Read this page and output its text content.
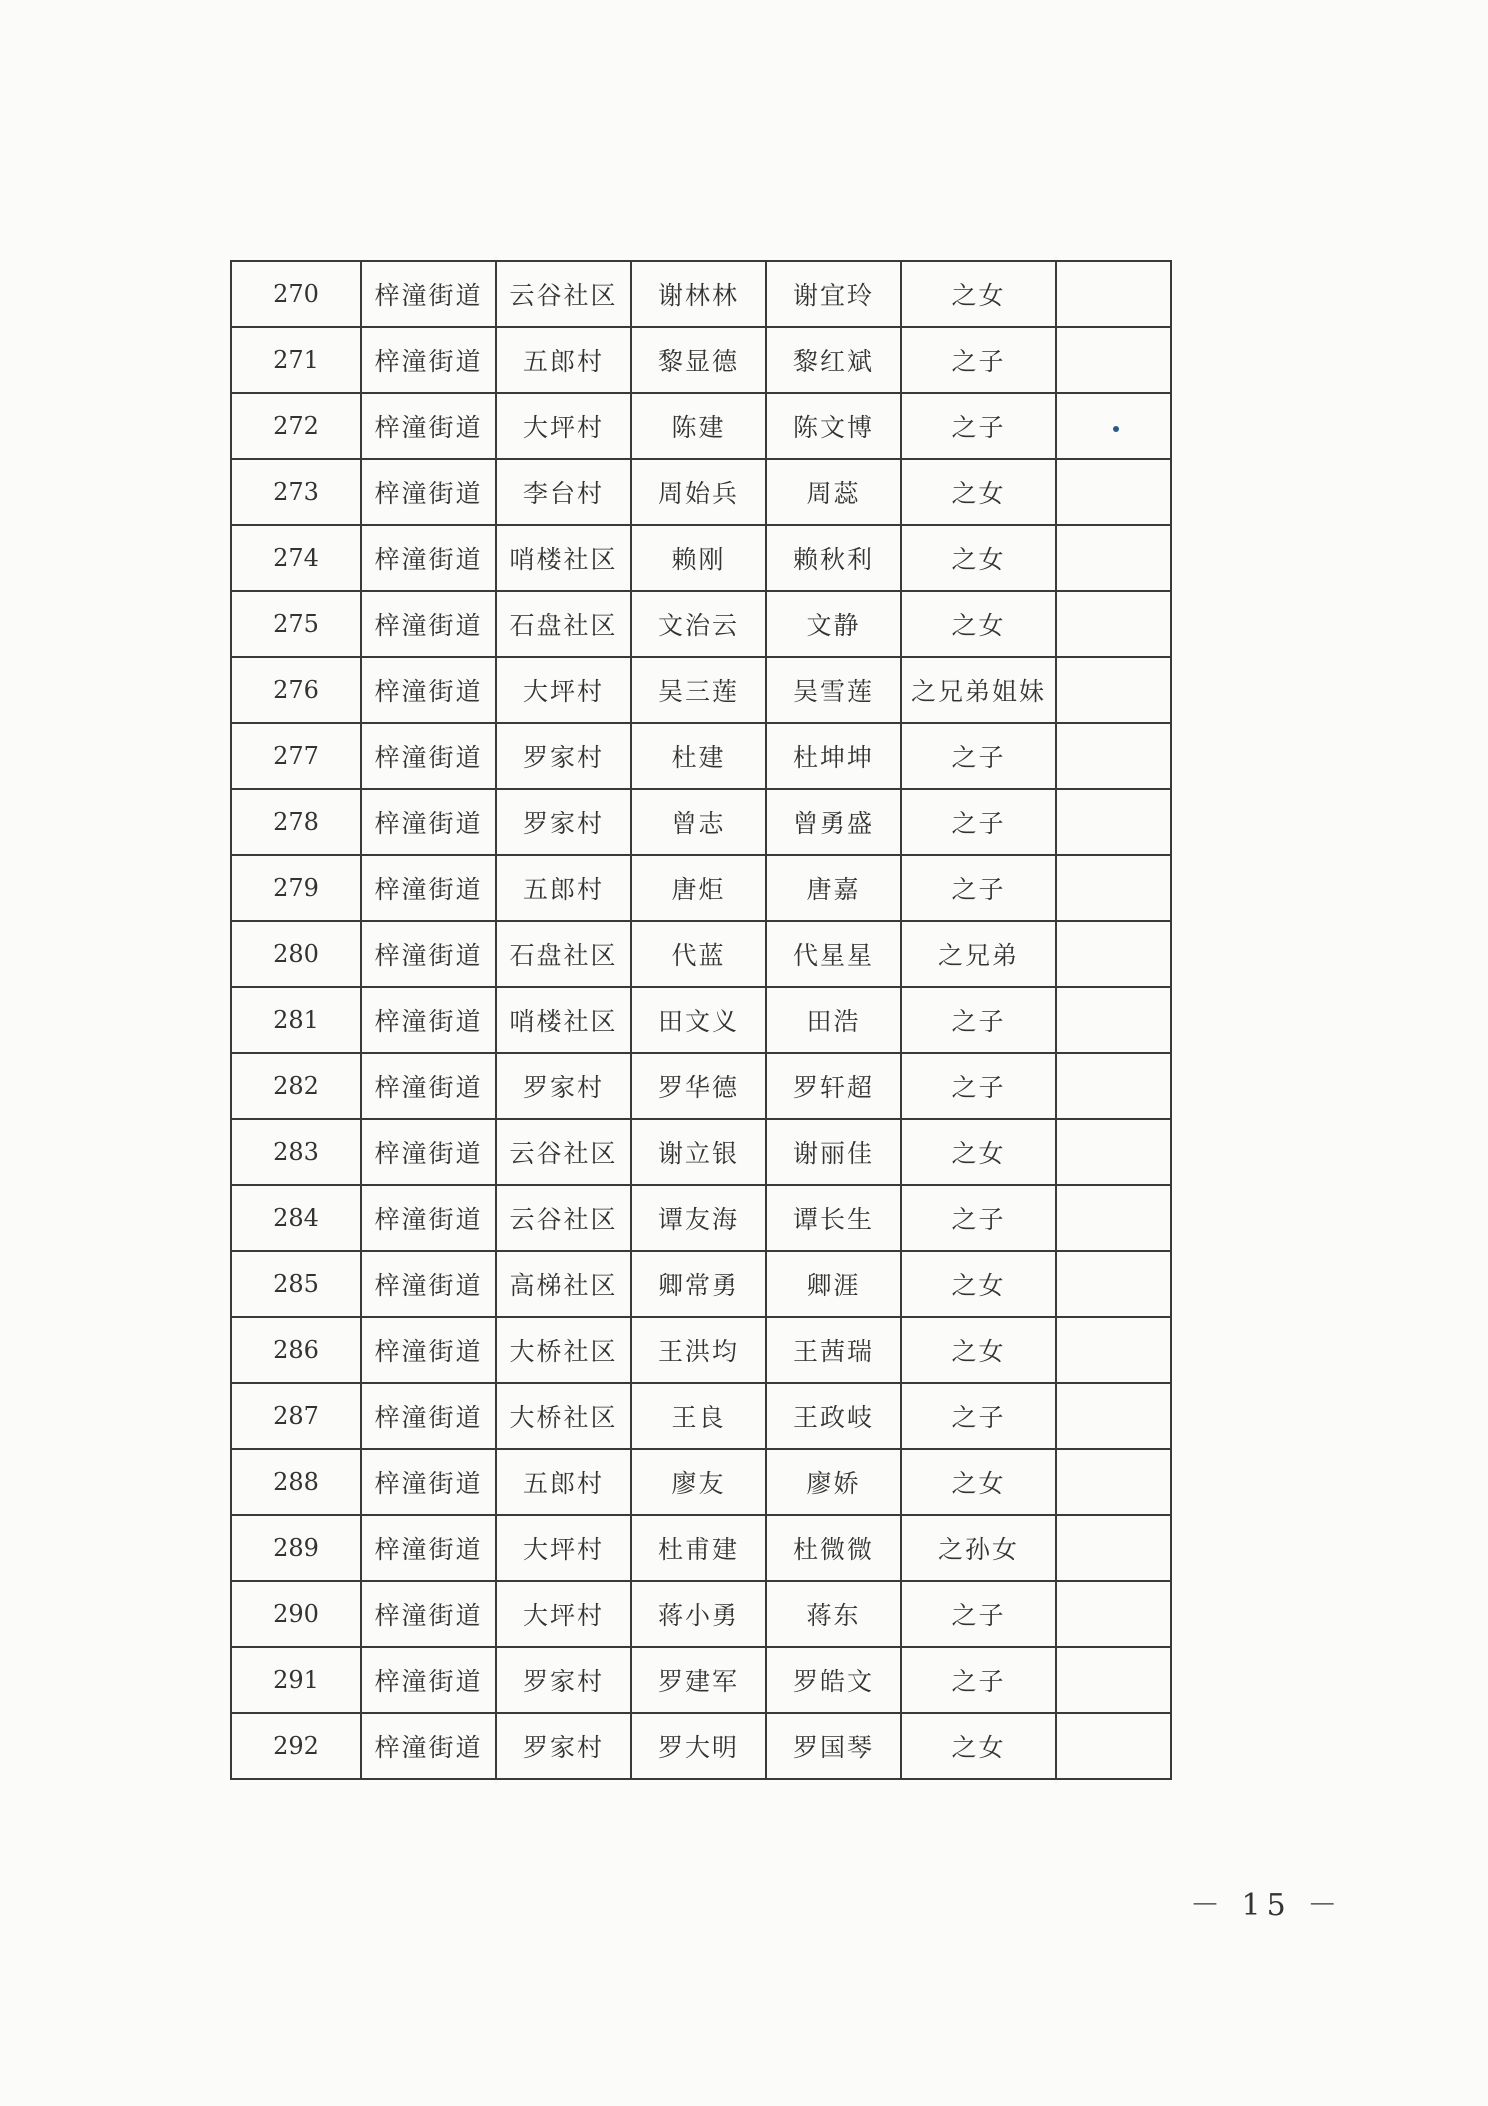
270	梓潼街道	云谷社区	谢林林	谢宜玲	之女	
271	梓潼街道	五郎村	黎显德	黎红斌	之子	
272	梓潼街道	大坪村	陈建	陈文博	之子	
273	梓潼街道	李台村	周始兵	周蕊	之女	
274	梓潼街道	哨楼社区	赖刚	赖秋利	之女	
275	梓潼街道	石盘社区	文治云	文静	之女	
276	梓潼街道	大坪村	吴三莲	吴雪莲	之兄弟姐妹	
277	梓潼街道	罗家村	杜建	杜坤坤	之子	
278	梓潼街道	罗家村	曾志	曾勇盛	之子	
279	梓潼街道	五郎村	唐炬	唐嘉	之子	
280	梓潼街道	石盘社区	代蓝	代星星	之兄弟	
281	梓潼街道	哨楼社区	田文义	田浩	之子	
282	梓潼街道	罗家村	罗华德	罗轩超	之子	
283	梓潼街道	云谷社区	谢立银	谢丽佳	之女	
284	梓潼街道	云谷社区	谭友海	谭长生	之子	
285	梓潼街道	高梯社区	卿常勇	卿涯	之女	
286	梓潼街道	大桥社区	王洪均	王茜瑞	之女	
287	梓潼街道	大桥社区	王良	王政岐	之子	
288	梓潼街道	五郎村	廖友	廖娇	之女	
289	梓潼街道	大坪村	杜甫建	杜微微	之孙女	
290	梓潼街道	大坪村	蒋小勇	蒋东	之子	
291	梓潼街道	罗家村	罗建军	罗皓文	之子	
292	梓潼街道	罗家村	罗大明	罗国琴	之女	
－ 15 －
